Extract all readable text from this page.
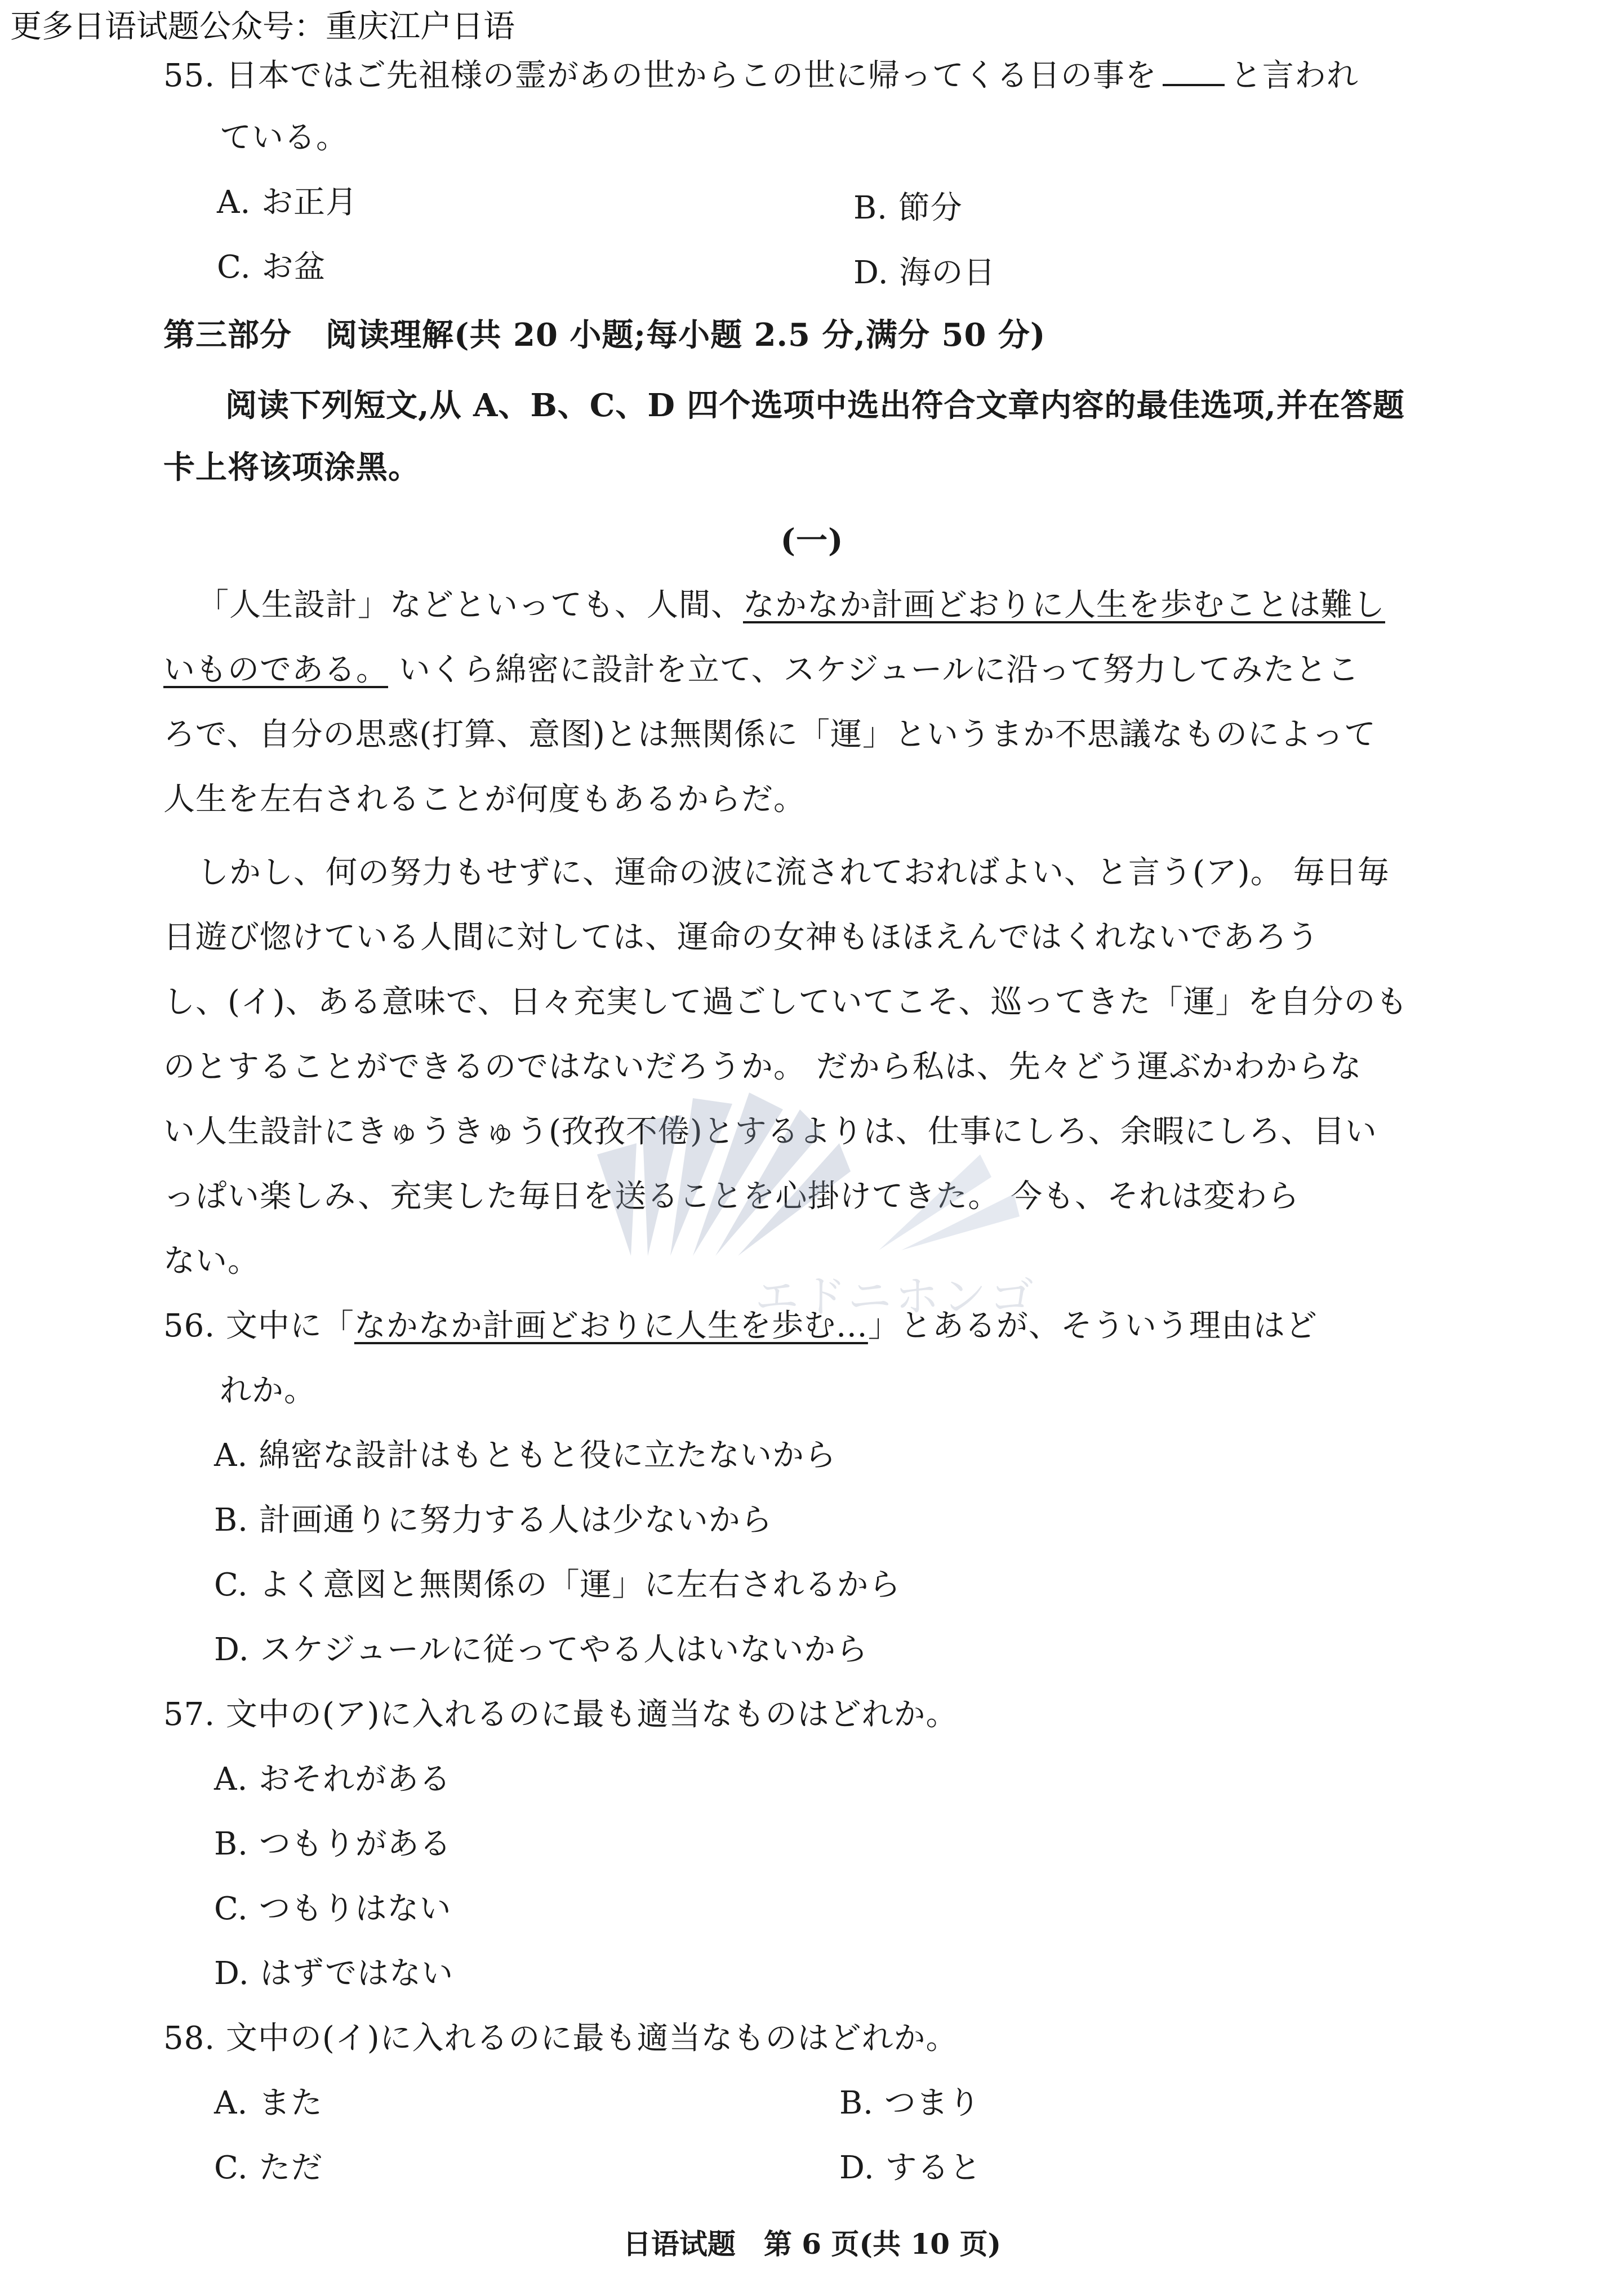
更多日语试题公众号：重庆江户日语
55. 日本ではご先祖様の霊があの世からこの世に帰ってくる日の事を と言われ
ている。
A. お正月	B. 節分
C. お盆	D. 海の日
第三部分 阅读理解(共 20 小题;每小题 2.5 分,满分 50 分)
阅读下列短文,从 A、B、C、D 四个选项中选出符合文章内容的最佳选项,并在答题
卡上将该项涂黑。
(一)
「人生設計」などといっても、人間、なかなか計画どおりに人生を歩むことは難し
いものである。 いくら綿密に設計を立て、スケジュールに沿って努力してみたとこ
ろで、自分の思惑(打算、意图)とは無関係に「運」というまか不思議なものによって
人生を左右されることが何度もあるからだ。
しかし、何の努力もせずに、運命の波に流されておればよい、と言う(ア)。 毎日毎
日遊び惚けている人間に対しては、運命の女神もほほえんではくれないであろう
し、(イ)、ある意味で、日々充実して過ごしていてこそ、巡ってきた「運」を自分のも
のとすることができるのではないだろうか。 だから私は、先々どう運ぶかわからな
い人生設計にきゅうきゅう(孜孜不倦)とするよりは、仕事にしろ、余暇にしろ、目い
っぱい楽しみ、充実した毎日を送ることを心掛けてきた。 今も、それは変わら
ない。
エドニホンゴ
56. 文中に「なかなか計画どおりに人生を歩む…」とあるが、そういう理由はど
れか。
A. 綿密な設計はもともと役に立たないから
B. 計画通りに努力する人は少ないから
C. よく意図と無関係の「運」に左右されるから
D. スケジュールに従ってやる人はいないから
57. 文中の(ア)に入れるのに最も適当なものはどれか。
A. おそれがある
B. つもりがある
C. つもりはない
D. はずではない
58. 文中の(イ)に入れるのに最も適当なものはどれか。
A. また	B. つまり
C. ただ	D. すると
日语试题　第 6 页(共 10 页)
